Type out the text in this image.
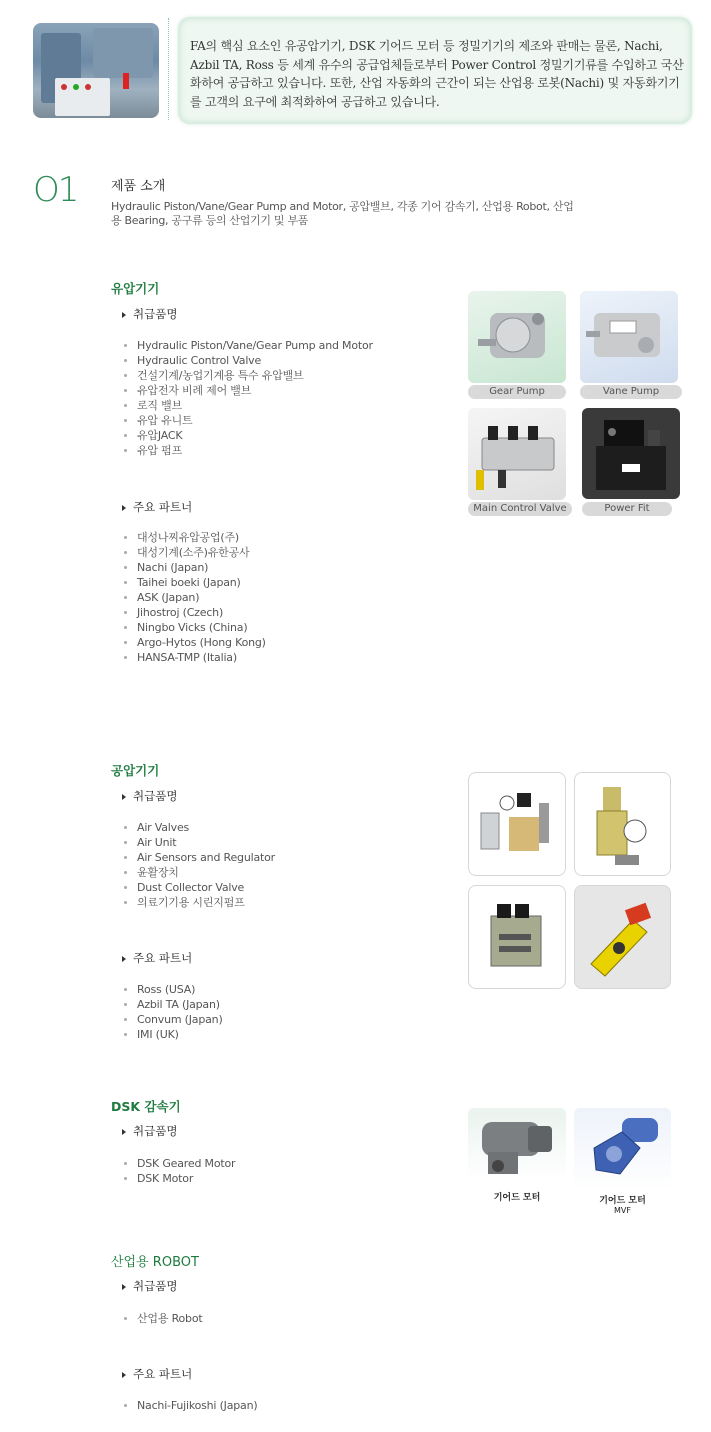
FA의 핵심 요소인 유공압기기, DSK 기어드 모터 등 정밀기기의 제조와 판매는 물론, Nachi, Azbil TA, Ross 등 세계 유수의 공급업체들로부터 Power Control 정밀기기류를 수입하고 국산화하여 공급하고 있습니다. 또한, 산업 자동화의 근간이 되는 산업용 로봇(Nachi) 및 자동화기기를 고객의 요구에 최적화하여 공급하고 있습니다.
O1	제품 소개
Hydraulic Piston/Vane/Gear Pump and Motor, 공압밸브, 각종 기어 감속기, 산업용 Robot, 산업용 Bearing, 공구류 등의 산업기기 및 부품
유압기기
취급품명
Hydraulic Piston/Vane/Gear Pump and Motor
Hydraulic Control Valve
건설기계/농업기계용 특수 유압밸브
유압전자 비례 제어 밸브
로직 밸브
유압 유니트
유압JACK
유압 펌프
주요 파트너
대성나찌유압공업(주)
대성기계(소주)유한공사
Nachi (Japan)
Taihei boeki (Japan)
ASK (Japan)
Jihostroj (Czech)
Ningbo Vicks (China)
Argo-Hytos (Hong Kong)
HANSA-TMP (Italia)
Gear Pump	Vane Pump
Main Control Valve	Power Fit
공압기기
취급품명
Air Valves
Air Unit
Air Sensors and Regulator
윤활장치
Dust Collector Valve
의료기기용 시린지펌프
주요 파트너
Ross (USA)
Azbil TA (Japan)
Convum (Japan)
IMI (UK)
DSK 감속기
취급품명
DSK Geared Motor
DSK Motor
기어드 모터	기어드 모터
MVF
산업용 ROBOT
취급품명
산업용 Robot
주요 파트너
Nachi-Fujikoshi (Japan)
